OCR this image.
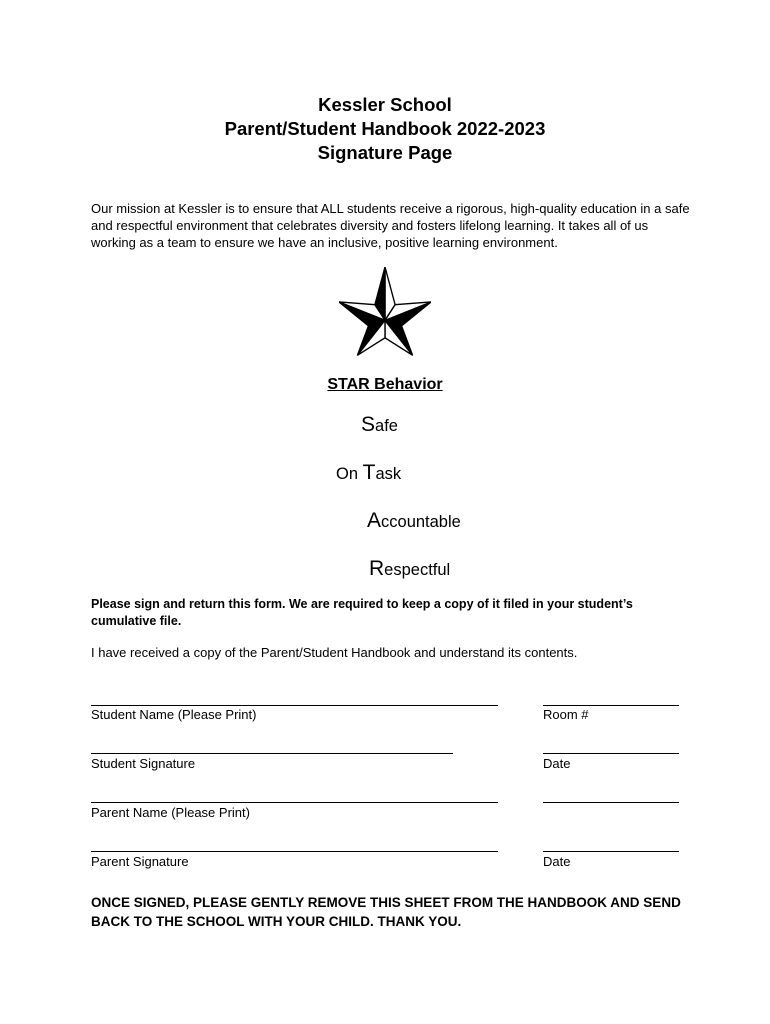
Kessler School
Parent/Student Handbook 2022-2023
Signature Page
Our mission at Kessler is to ensure that ALL students receive a rigorous, high-quality education in a safe and respectful environment that celebrates diversity and fosters lifelong learning. It takes all of us working as a team to ensure we have an inclusive, positive learning environment.
STAR Behavior
Safe
On Task
Accountable
Respectful
Please sign and return this form. We are required to keep a copy of it filed in your student’s cumulative file.
I have received a copy of the Parent/Student Handbook and understand its contents.
Student Name (Please Print)	Room #
Student Signature	Date
Parent Name (Please Print)
Parent Signature	Date
ONCE SIGNED, PLEASE GENTLY REMOVE THIS SHEET FROM THE HANDBOOK AND SEND BACK TO THE SCHOOL WITH YOUR CHILD. THANK YOU.
